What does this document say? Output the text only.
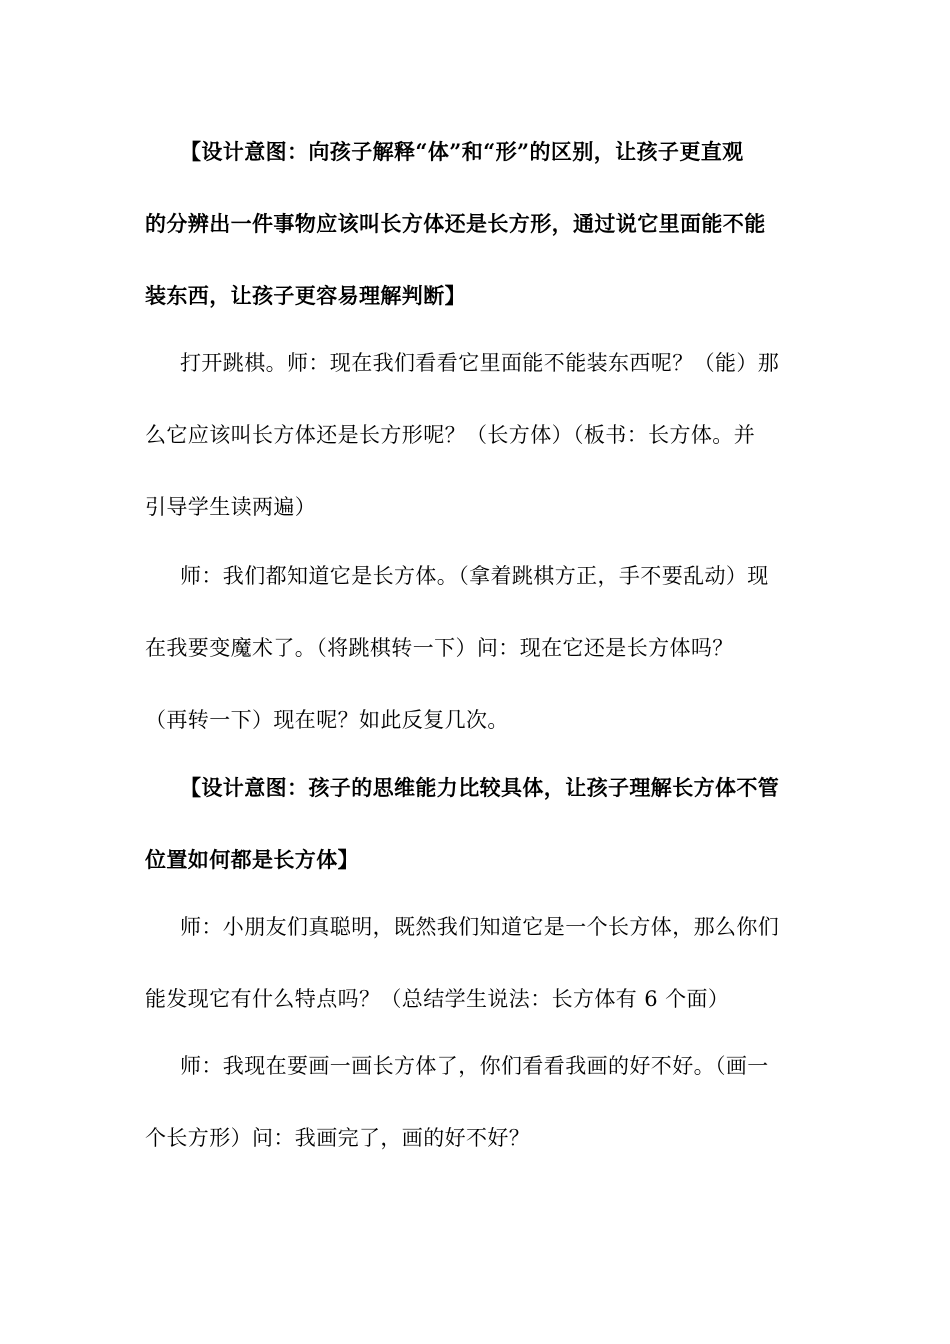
【设计意图：向孩子解释“体”和“形”的区别，让孩子更直观
的分辨出一件事物应该叫长方体还是长方形，通过说它里面能不能
装东西，让孩子更容易理解判断】

打开跳棋。师：现在我们看看它里面能不能装东西呢？（能）那
么它应该叫长方体还是长方形呢？（长方体）（板书：长方体。并
引导学生读两遍）

师：我们都知道它是长方体。（拿着跳棋方正，手不要乱动）现
在我要变魔术了。（将跳棋转一下）问：现在它还是长方体吗？
（再转一下）现在呢？如此反复几次。

【设计意图：孩子的思维能力比较具体，让孩子理解长方体不管
位置如何都是长方体】

师：小朋友们真聪明，既然我们知道它是一个长方体，那么你们
能发现它有什么特点吗？（总结学生说法：长方体有 6 个面）

师：我现在要画一画长方体了，你们看看我画的好不好。（画一
个长方形）问：我画完了，画的好不好？
